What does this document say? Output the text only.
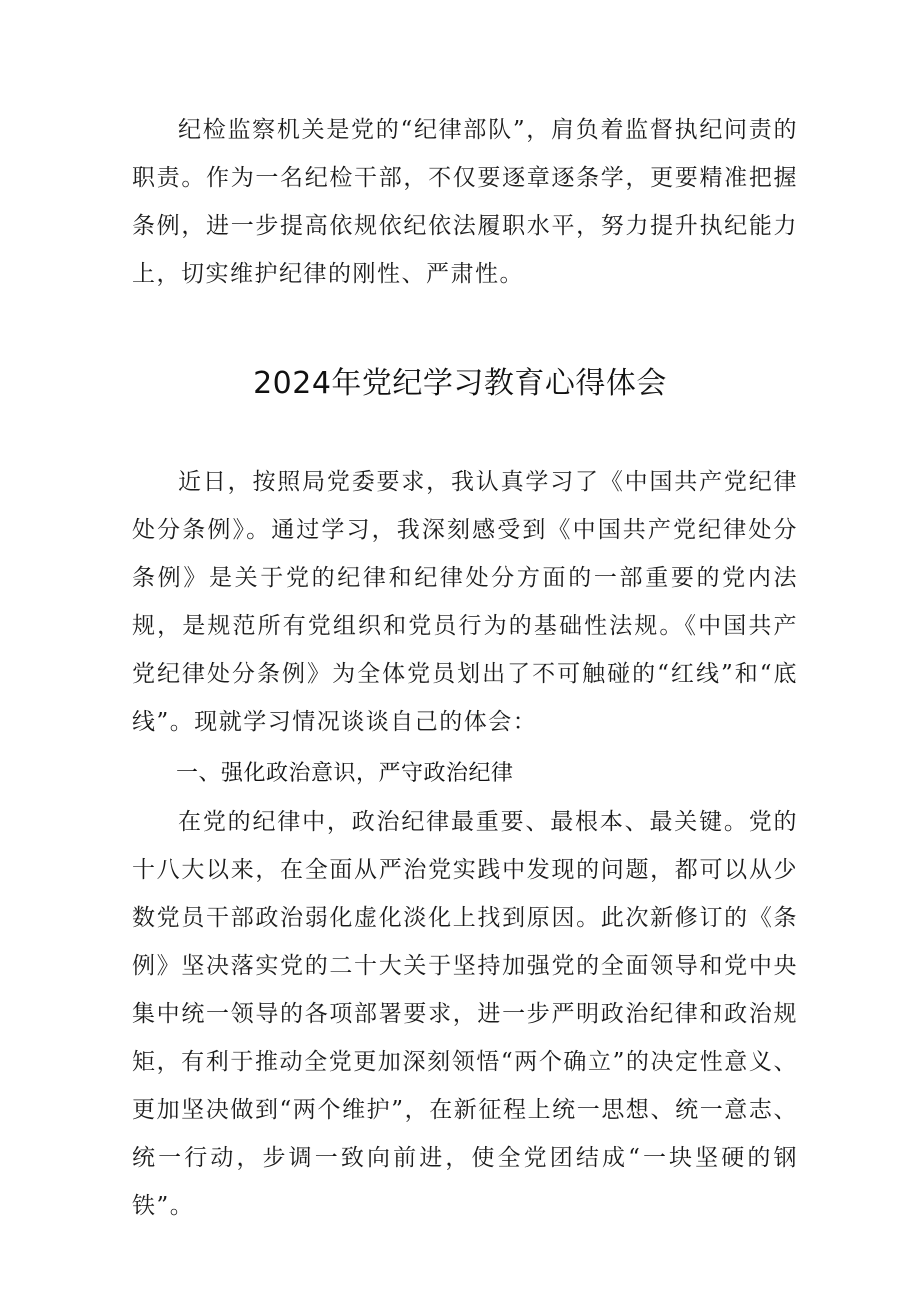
纪检监察机关是党的“纪律部队”，肩负着监督执纪问责的职责。作为一名纪检干部，不仅要逐章逐条学，更要精准把握条例，进一步提高依规依纪依法履职水平，努力提升执纪能力上，切实维护纪律的刚性、严肃性。

2024年党纪学习教育心得体会

近日，按照局党委要求，我认真学习了《中国共产党纪律处分条例》。通过学习，我深刻感受到《中国共产党纪律处分条例》是关于党的纪律和纪律处分方面的一部重要的党内法规，是规范所有党组织和党员行为的基础性法规。《中国共产党纪律处分条例》为全体党员划出了不可触碰的“红线”和“底线”。现就学习情况谈谈自己的体会：

一、强化政治意识，严守政治纪律

在党的纪律中，政治纪律最重要、最根本、最关键。党的十八大以来，在全面从严治党实践中发现的问题，都可以从少数党员干部政治弱化虚化淡化上找到原因。此次新修订的《条例》坚决落实党的二十大关于坚持加强党的全面领导和党中央集中统一领导的各项部署要求，进一步严明政治纪律和政治规矩，有利于推动全党更加深刻领悟“两个确立”的决定性意义、更加坚决做到“两个维护”，在新征程上统一思想、统一意志、统一行动，步调一致向前进，使全党团结成“一块坚硬的钢铁”。
